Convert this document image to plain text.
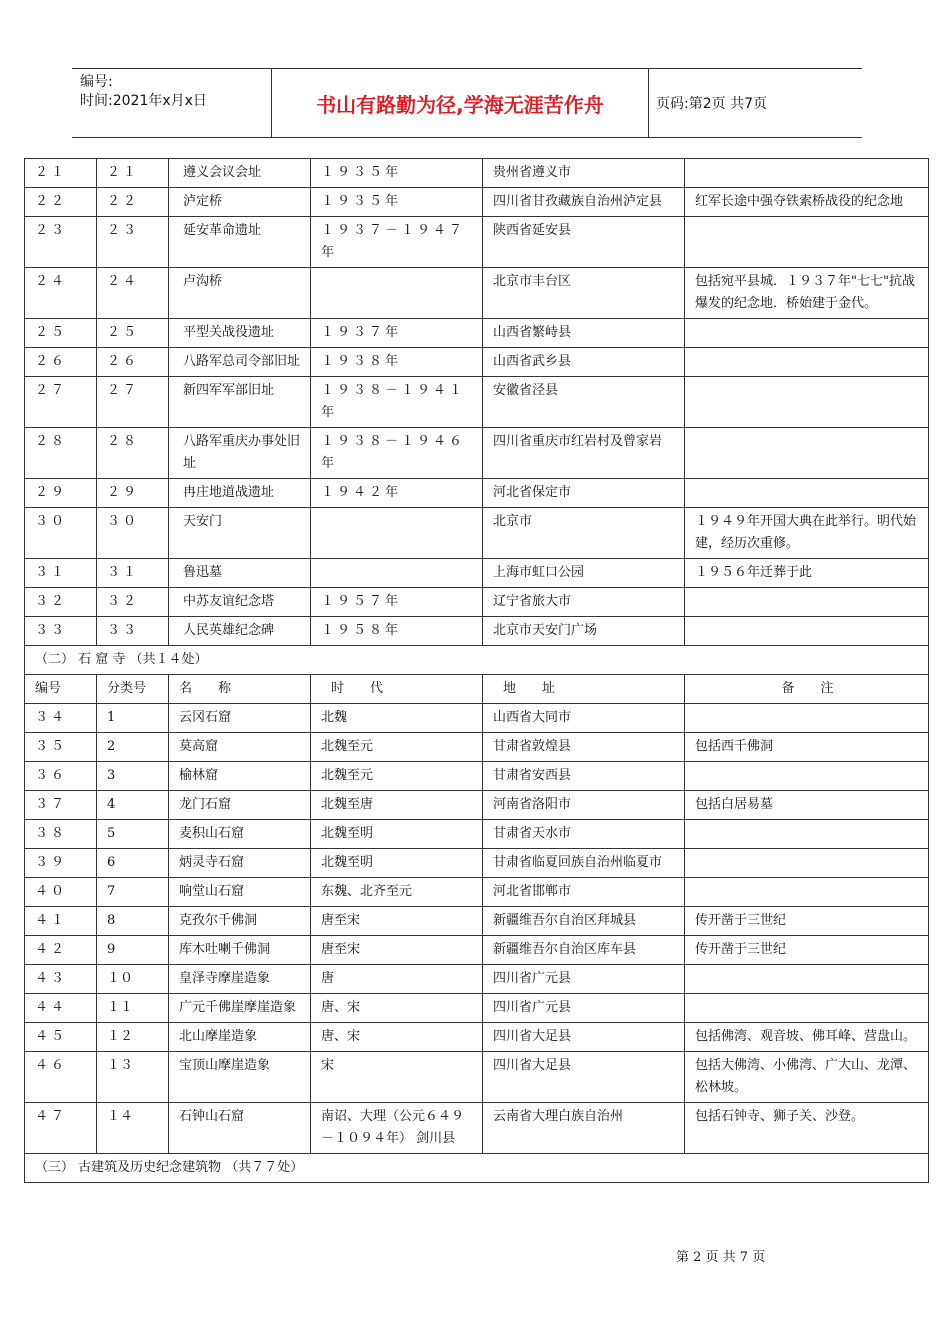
编号:
时间:2021年x月x日	书山有路勤为径,学海无涯苦作舟	页码:第2页 共7页
２１	２１	遵义会议会址	１９３５年	贵州省遵义市	
２２	２２	泸定桥	１９３５年	四川省甘孜藏族自治州泸定县	红军长途中强夺铁索桥战役的纪念地
２３	２３	延安革命遗址	１９３７－１９４７年	陕西省延安县	
２４	２４	卢沟桥		北京市丰台区	包括宛平县城．１９３７年"七七"抗战爆发的纪念地．桥始建于金代。
２５	２５	平型关战役遗址	１９３７年	山西省繁峙县	
２６	２６	八路军总司令部旧址	１９３８年	山西省武乡县	
２７	２７	新四军军部旧址	１９３８－１９４１年	安徽省泾县	
２８	２８	八路军重庆办事处旧址	１９３８－１９４６年	四川省重庆市红岩村及曾家岩	
２９	２９	冉庄地道战遗址	１９４２年	河北省保定市	
３０	３０	天安门		北京市	１９４９年开国大典在此举行。明代始建，经历次重修。
３１	３１	鲁迅墓		上海市虹口公园	１９５６年迁葬于此
３２	３２	中苏友谊纪念塔	１９５７年	辽宁省旅大市	
３３	３３	人民英雄纪念碑	１９５８年	北京市天安门广场	
（二） 石 窟 寺 （共１４处）					
编号	分类号	名　　称	时　　代	地　　址	备　　注
３４	1	云冈石窟	北魏	山西省大同市	
３５	2	莫高窟	北魏至元	甘肃省敦煌县	包括西千佛洞
３６	3	榆林窟	北魏至元	甘肃省安西县	
３７	4	龙门石窟	北魏至唐	河南省洛阳市	包括白居易墓
３８	5	麦积山石窟	北魏至明	甘肃省天水市	
３９	6	炳灵寺石窟	北魏至明	甘肃省临夏回族自治州临夏市	
４０	7	响堂山石窟	东魏、北齐至元	河北省邯郸市	
４１	8	克孜尔千佛洞	唐至宋	新疆维吾尔自治区拜城县	传开凿于三世纪
４２	9	库木吐喇千佛洞	唐至宋	新疆维吾尔自治区库车县	传开凿于三世纪
４３	１０	皇泽寺摩崖造象	唐	四川省广元县	
４４	１１	广元千佛崖摩崖造象	唐、宋	四川省广元县	
４５	１２	北山摩崖造象	唐、宋	四川省大足县	包括佛湾、观音坡、佛耳峰、营盘山。
４６	１３	宝顶山摩崖造象	宋	四川省大足县	包括大佛湾、小佛湾、广大山、龙潭、松林坡。
４７	１４	石钟山石窟	南诏、大理（公元６４９－１０９４年） 剑川县	云南省大理白族自治州	包括石钟寺、狮子关、沙登。
（三） 古建筑及历史纪念建筑物 （共７７处）					
第 2 页 共 7 页
